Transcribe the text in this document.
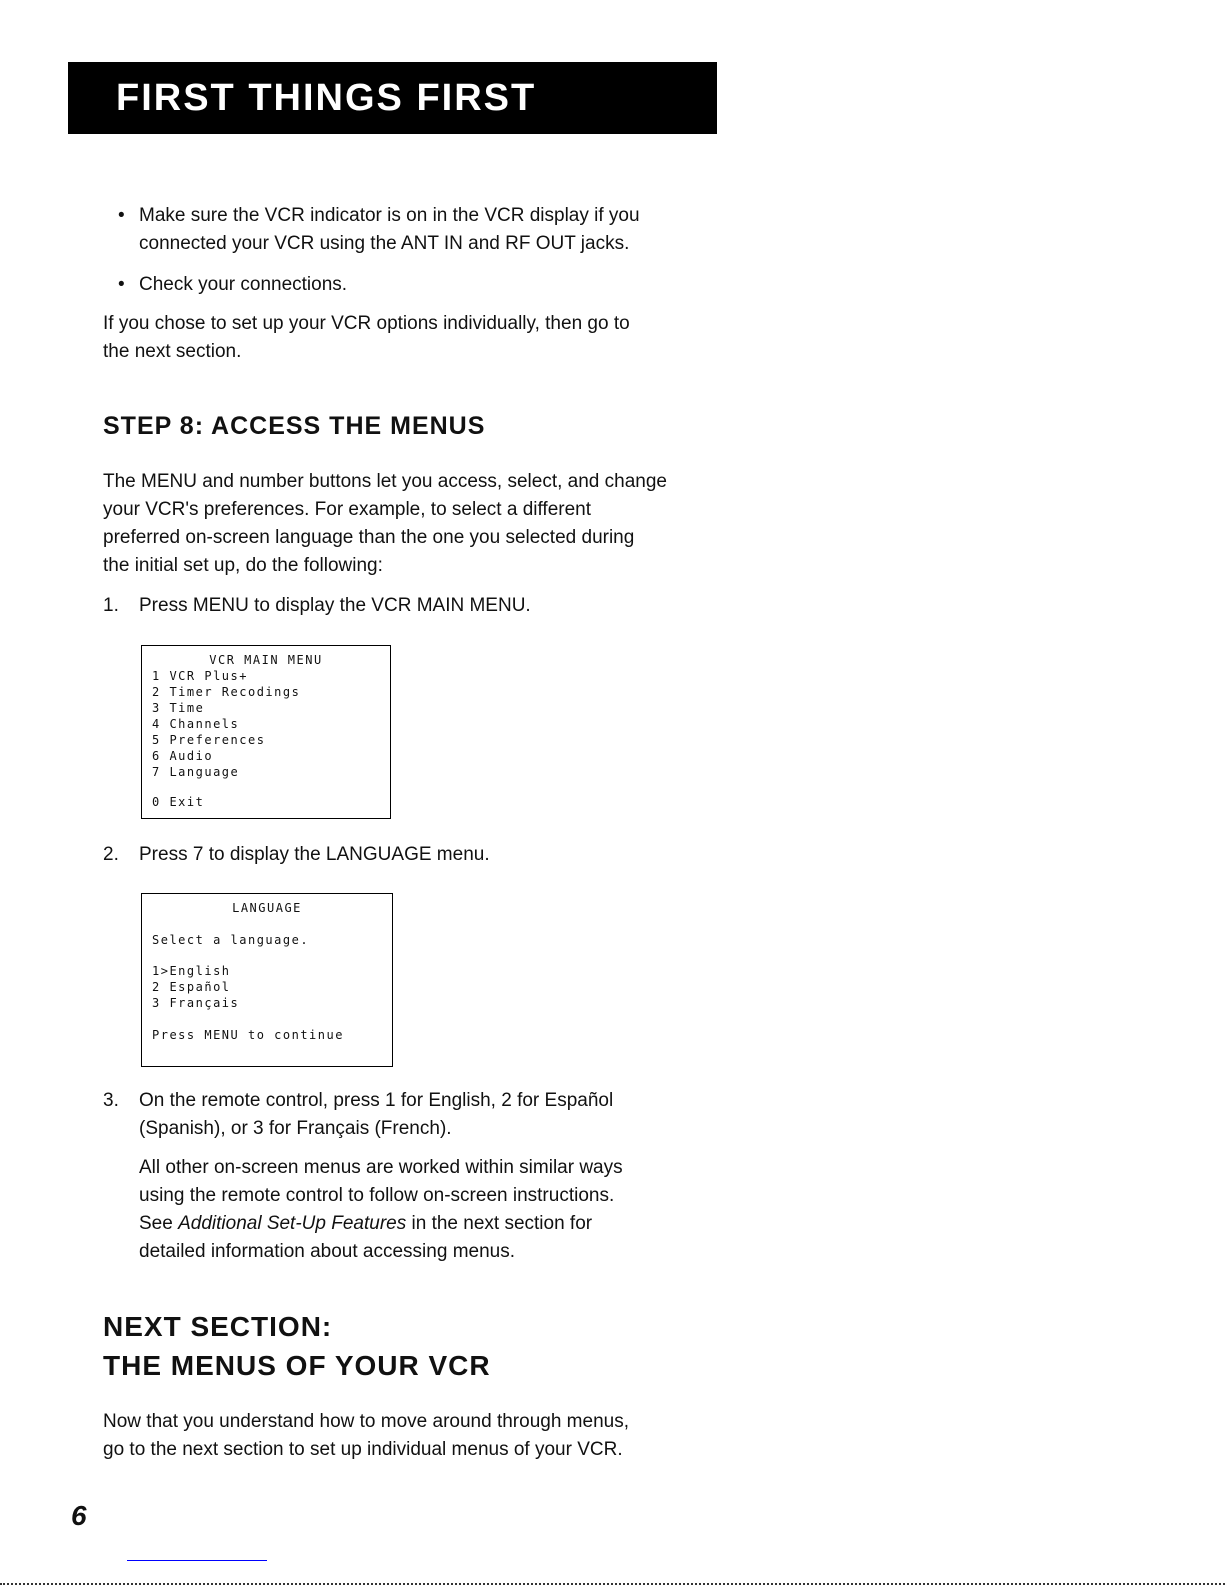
FIRST THINGS FIRST
• Make sure the VCR indicator is on in the VCR display if you
connected your VCR using the ANT IN and RF OUT jacks.
• Check your connections.
If you chose to set up your VCR options individually, then go to
the next section.
STEP 8: ACCESS THE MENUS
The MENU and number buttons let you access, select, and change
your VCR's preferences. For example, to select a different
preferred on-screen language than the one you selected during
the initial set up, do the following:
1. Press MENU to display the VCR MAIN MENU.
VCR MAIN MENU
1 VCR Plus+
2 Timer Recodings
3 Time
4 Channels
5 Preferences
6 Audio
7 Language
0 Exit
2. Press 7 to display the LANGUAGE menu.
LANGUAGE
Select a language.
1>English
2 Español
3 Français
Press MENU to continue
3. On the remote control, press 1 for English, 2 for Español
(Spanish), or 3 for Français (French).
All other on-screen menus are worked within similar ways
using the remote control to follow on-screen instructions.
See Additional Set-Up Features in the next section for
detailed information about accessing menus.
NEXT SECTION:
THE MENUS OF YOUR VCR
Now that you understand how to move around through menus,
go to the next section to set up individual menus of your VCR.
6
